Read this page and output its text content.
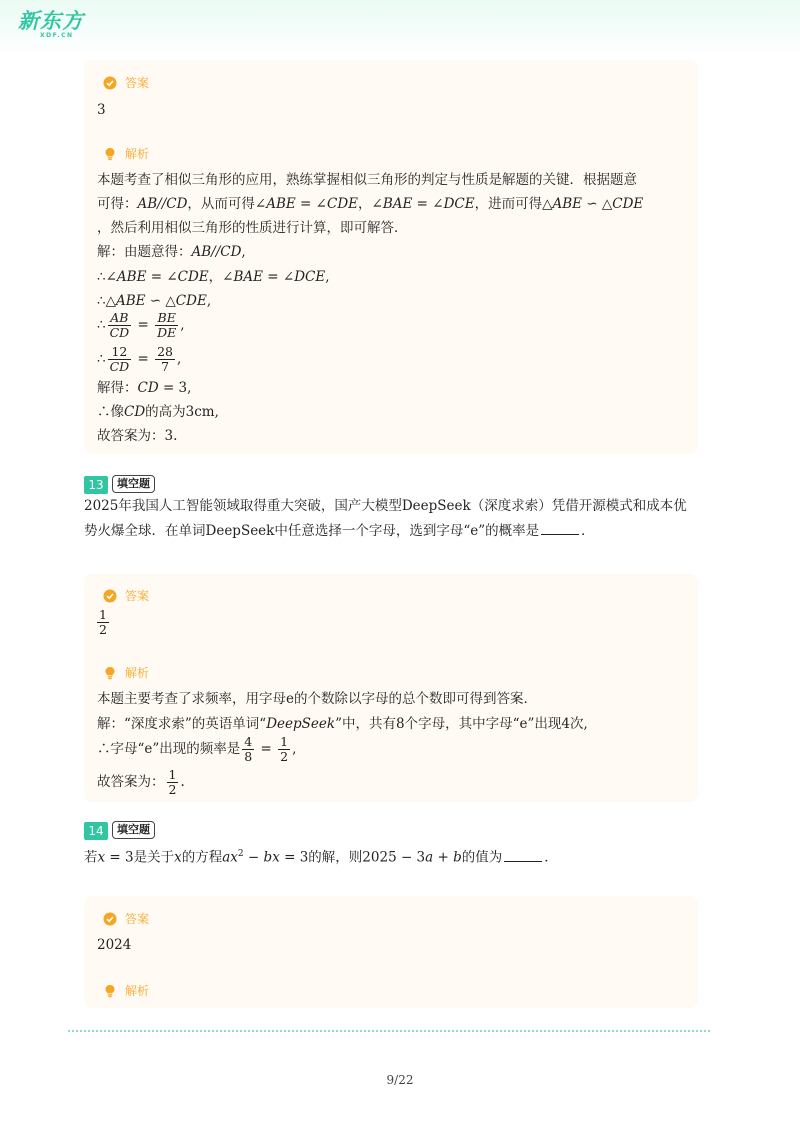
新东方
XDF.CN
答案
3
解析
本题考查了相似三角形的应用，熟练掌握相似三角形的判定与性质是解题的关键．根据题意
可得：AB//CD，从而可得∠ABE = ∠CDE，∠BAE = ∠DCE，进而可得△ABE ∽ △CDE
，然后利用相似三角形的性质进行计算，即可解答．
解：由题意得：AB//CD,
∴∠ABE = ∠CDE，∠BAE = ∠DCE,
∴△ABE ∽ △CDE,
∴ $\frac{AB}{CD} = \frac{BE}{DE}$ ,
∴ $\frac{12}{CD} = \frac{28}{7}$ ,
解得：CD = 3,
∴像CD的高为3cm,
故答案为：3.
13	填空题
2025年我国人工智能领域取得重大突破，国产大模型DeepSeek（深度求索）凭借开源模式和成本优
势火爆全球．在单词DeepSeek中任意选择一个字母，选到字母“e”的概率是	．
答案
$\frac{1}{2}$
解析
本题主要考查了求频率，用字母e的个数除以字母的总个数即可得到答案．
解：“深度求索”的英语单词“DeepSeek”中，共有8个字母，其中字母“e”出现4次,
∴字母“e”出现的频率是 $\frac{4}{8} = \frac{1}{2}$ ,
故答案为： $\frac{1}{2}$ .
14	填空题
若x = 3是关于x的方程$ax^2$ − bx = 3的解，则2025 − 3a + b的值为	．
答案
2024
解析
9/22
